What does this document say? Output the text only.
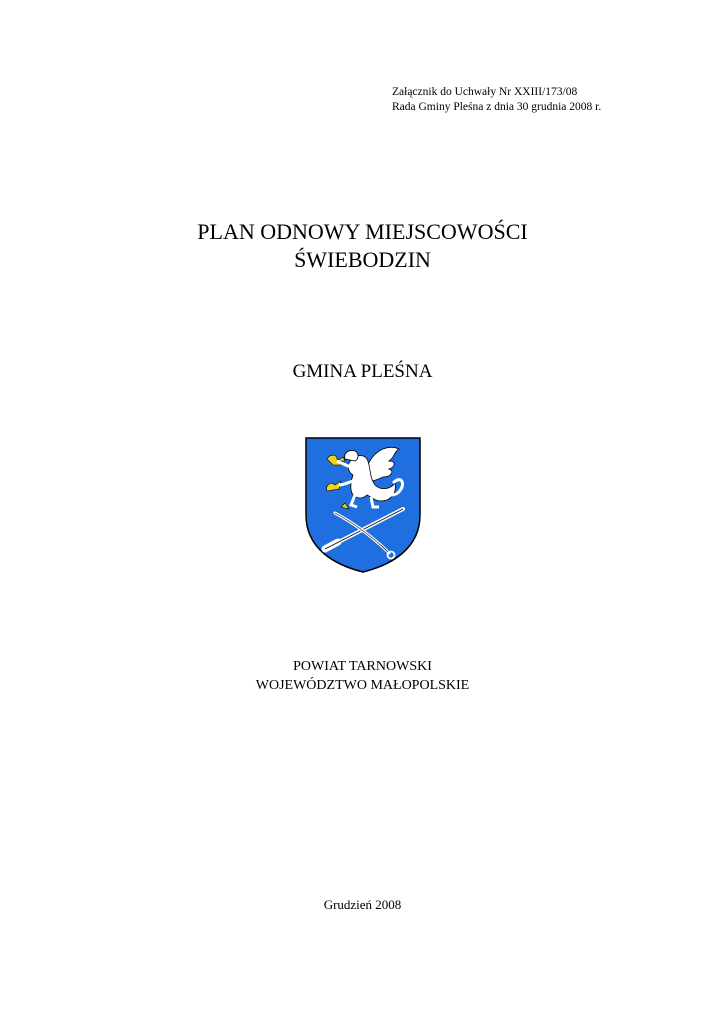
Załącznik do Uchwały Nr XXIII/173/08
Rada Gminy Pleśna z dnia 30 grudnia 2008 r.
PLAN ODNOWY MIEJSCOWOŚCI
ŚWIEBODZIN
GMINA PLEŚNA
POWIAT TARNOWSKI
WOJEWÓDZTWO MAŁOPOLSKIE
Grudzień 2008
